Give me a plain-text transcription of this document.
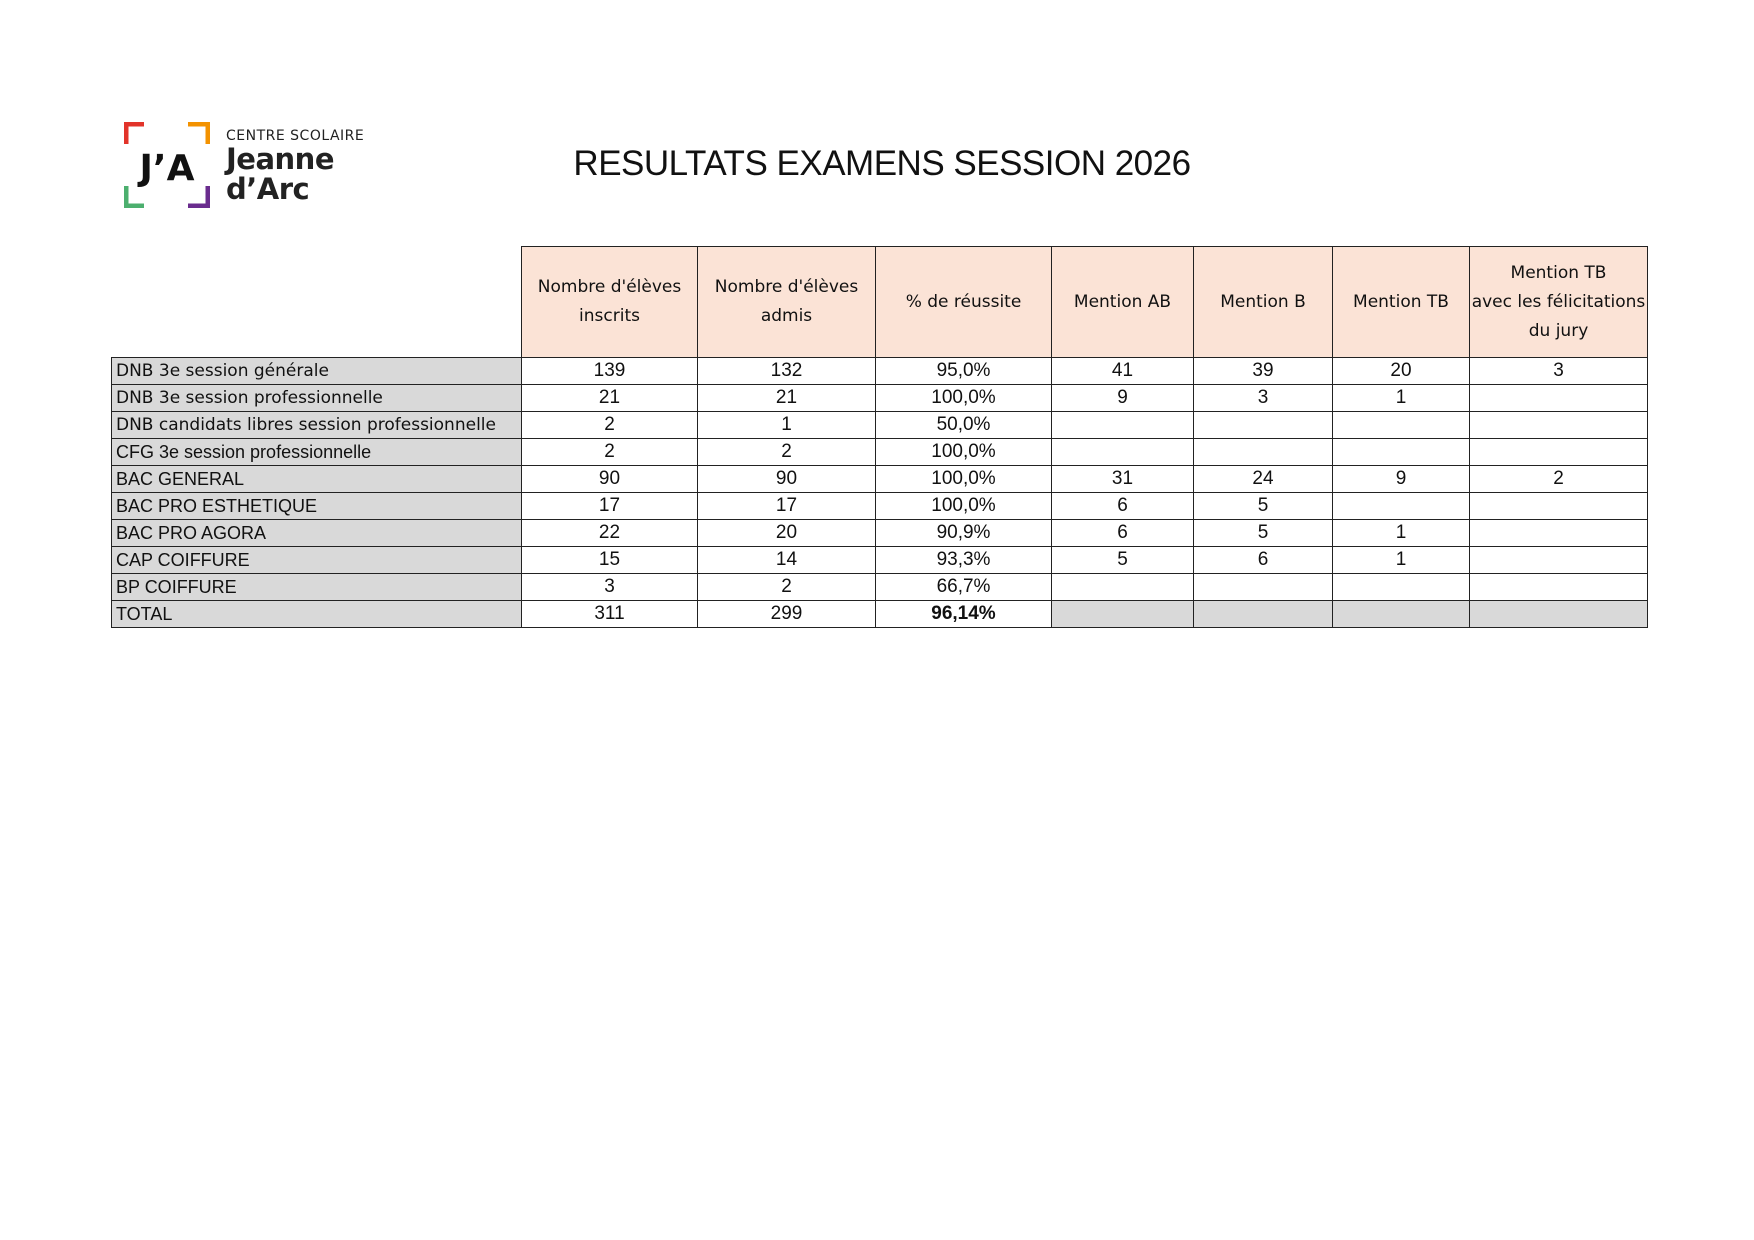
J’A
CENTRE SCOLAIRE
Jeanne
d’Arc
RESULTATS EXAMENS SESSION 2026
	Nombre d'élèves
inscrits	Nombre d'élèves
admis	% de réussite	Mention AB	Mention B	Mention TB	Mention TB
avec les félicitations
du jury
DNB 3e session générale	139	132	95,0%	41	39	20	3
DNB 3e session professionnelle	21	21	100,0%	9	3	1	
DNB candidats libres session professionnelle	2	1	50,0%				
CFG 3e session professionnelle	2	2	100,0%				
BAC GENERAL	90	90	100,0%	31	24	9	2
BAC PRO ESTHETIQUE	17	17	100,0%	6	5		
BAC PRO AGORA	22	20	90,9%	6	5	1	
CAP COIFFURE	15	14	93,3%	5	6	1	
BP COIFFURE	3	2	66,7%				
TOTAL	311	299	96,14%				
